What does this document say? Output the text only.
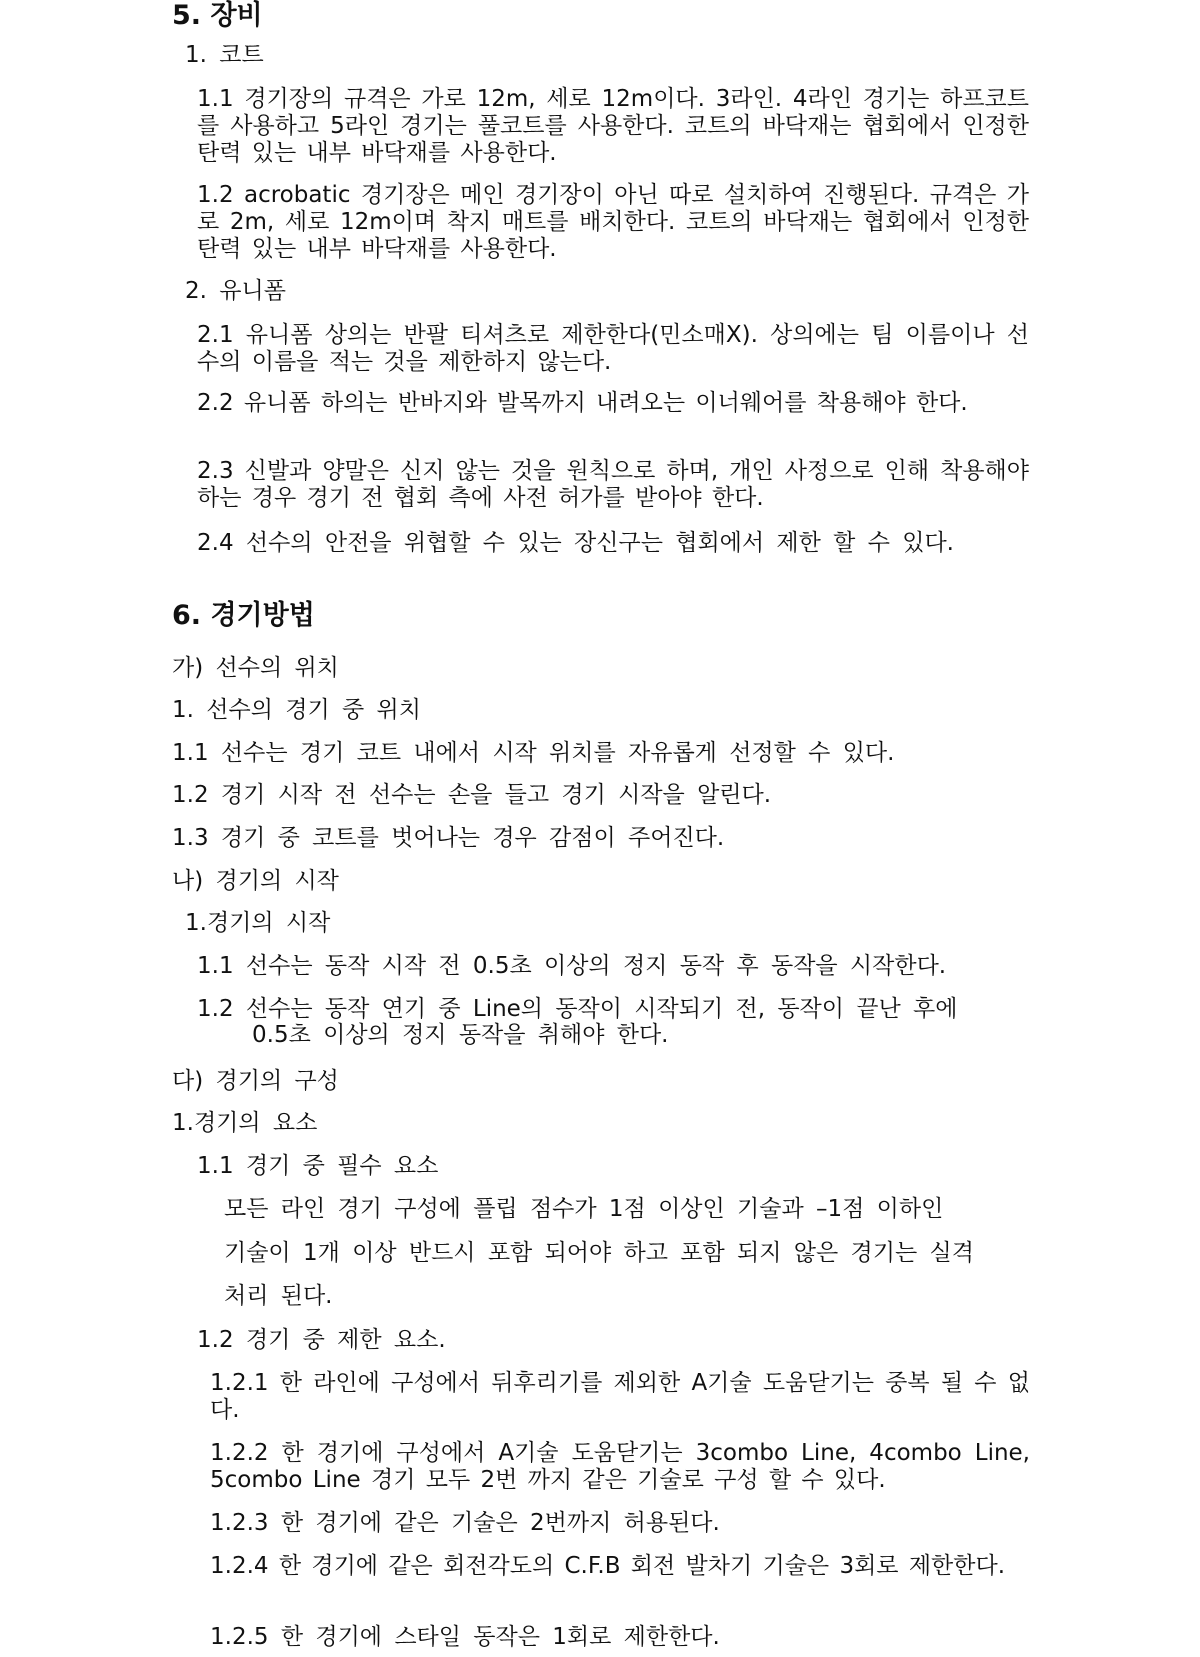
5. 장비
1. 코트
1.1 경기장의 규격은 가로 12m, 세로 12m이다. 3라인. 4라인 경기는 하프코트를 사용하고 5라인 경기는 풀코트를 사용한다. 코트의 바닥재는 협회에서 인정한 탄력 있는 내부 바닥재를 사용한다.
1.2 acrobatic 경기장은 메인 경기장이 아닌 따로 설치하여 진행된다. 규격은 가로 2m, 세로 12m이며 착지 매트를 배치한다. 코트의 바닥재는 협회에서 인정한 탄력 있는 내부 바닥재를 사용한다.
2. 유니폼
2.1 유니폼 상의는 반팔 티셔츠로 제한한다(민소매X). 상의에는 팀 이름이나 선수의 이름을 적는 것을 제한하지 않는다.
2.2 유니폼 하의는 반바지와 발목까지 내려오는 이너웨어를 착용해야 한다.
2.3 신발과 양말은 신지 않는 것을 원칙으로 하며, 개인 사정으로 인해 착용해야 하는 경우 경기 전 협회 측에 사전 허가를 받아야 한다.
2.4 선수의 안전을 위협할 수 있는 장신구는 협회에서 제한 할 수 있다.
6. 경기방법
가) 선수의 위치
1. 선수의 경기 중 위치
1.1 선수는 경기 코트 내에서 시작 위치를 자유롭게 선정할 수 있다.
1.2 경기 시작 전 선수는 손을 들고 경기 시작을 알린다.
1.3 경기 중 코트를 벗어나는 경우 감점이 주어진다.
나) 경기의 시작
1.경기의 시작
1.1 선수는 동작 시작 전 0.5초 이상의 정지 동작 후 동작을 시작한다.
1.2 선수는 동작 연기 중 Line의 동작이 시작되기 전, 동작이 끝난 후에
0.5초 이상의 정지 동작을 취해야 한다.
다) 경기의 구성
1.경기의 요소
1.1 경기 중 필수 요소
모든 라인 경기 구성에 플립 점수가 1점 이상인 기술과 –1점 이하인
기술이 1개 이상 반드시 포함 되어야 하고 포함 되지 않은 경기는 실격
처리 된다.
1.2 경기 중 제한 요소.
1.2.1 한 라인에 구성에서 뒤후리기를 제외한 A기술 도움닫기는 중복 될 수 없다.
1.2.2 한 경기에 구성에서 A기술 도움닫기는 3combo Line, 4combo Line, 5combo Line 경기 모두 2번 까지 같은 기술로 구성 할 수 있다.
1.2.3 한 경기에 같은 기술은 2번까지 허용된다.
1.2.4 한 경기에 같은 회전각도의 C.F.B 회전 발차기 기술은 3회로 제한한다.
1.2.5 한 경기에 스타일 동작은 1회로 제한한다.
